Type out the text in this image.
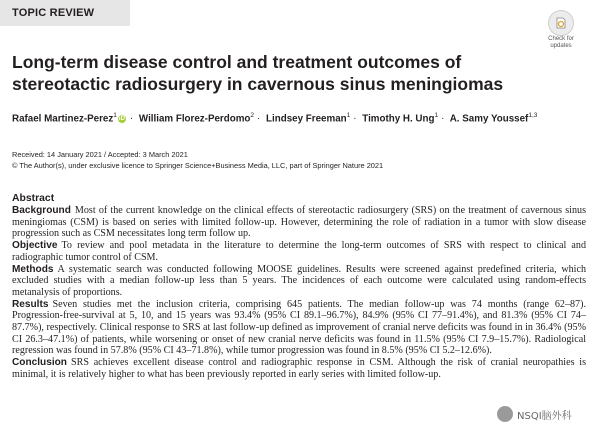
TOPIC REVIEW
Check for updates
Long-term disease control and treatment outcomes of stereotactic radiosurgery in cavernous sinus meningiomas
Rafael Martinez-Perez$^1$iD · William Florez-Perdomo$^2$ · Lindsey Freeman$^1$ · Timothy H. Ung$^1$ · A. Samy Youssef$^{1,3}$
Received: 14 January 2021 / Accepted: 3 March 2021
© The Author(s), under exclusive licence to Springer Science+Business Media, LLC, part of Springer Nature 2021
Abstract

Background Most of the current knowledge on the clinical effects of stereotactic radiosurgery (SRS) on the treatment of cavernous sinus meningiomas (CSM) is based on series with limited follow-up. However, determining the role of radiation in a tumor with slow disease progression such as CSM necessitates long term follow up.

Objective To review and pool metadata in the literature to determine the long-term outcomes of SRS with respect to clinical and radiographic tumor control of CSM.

Methods A systematic search was conducted following MOOSE guidelines. Results were screened against predefined criteria, which excluded studies with a median follow-up less than 5 years. The incidences of each outcome were calculated using random-effects metanalysis of proportions.

Results Seven studies met the inclusion criteria, comprising 645 patients. The median follow-up was 74 months (range 62–87). Progression-free-survival at 5, 10, and 15 years was 93.4% (95% CI 89.1–96.7%), 84.9% (95% CI 77–91.4%), and 81.3% (95% CI 74–87.7%), respectively. Clinical response to SRS at last follow-up defined as improvement of cranial nerve deficits was found in in 36.4% (95% CI 26.3–47.1%) of patients, while worsening or onset of new cranial nerve deficits was found in 11.5% (95% CI 7.9–15.7%). Radiological regression was found in 57.8% (95% CI 43–71.8%), while tumor progression was found in 8.5% (95% CI 5.2–12.6%).

Conclusion SRS achieves excellent disease control and radiographic response in CSM. Although the risk of cranial neuropathies is minimal, it is relatively higher to what has been previously reported in early series with limited follow-up.

NSQI脑外科
